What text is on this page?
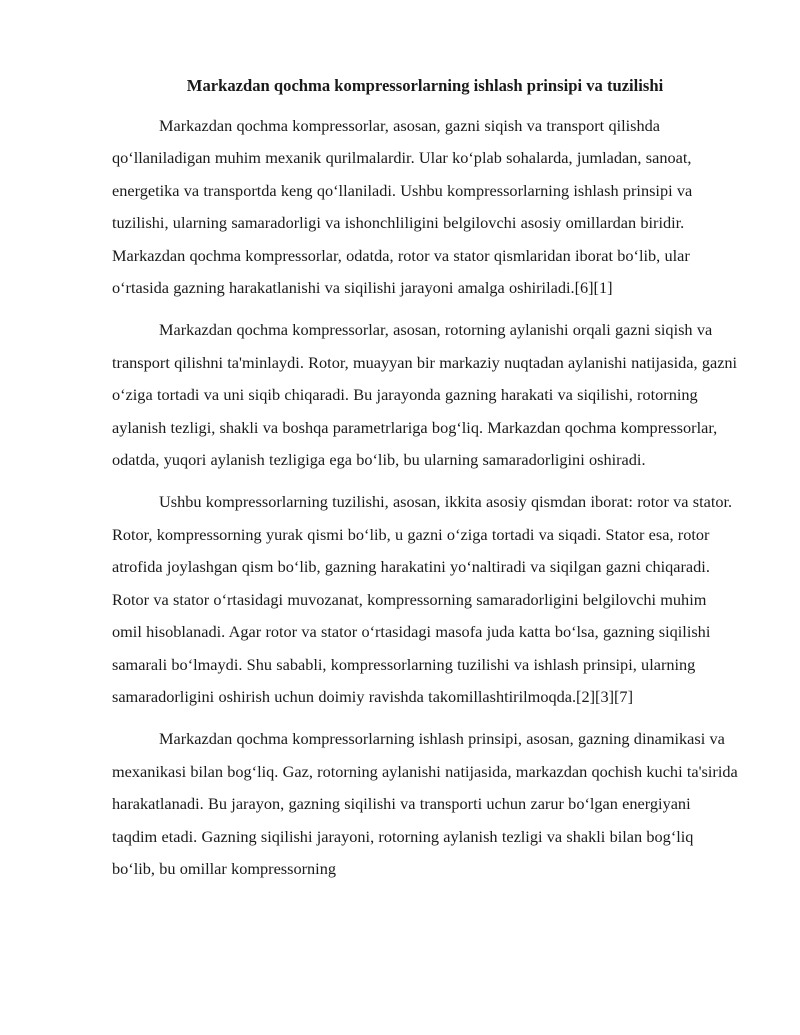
Markazdan qochma kompressorlarning ishlash prinsipi va tuzilishi

Markazdan qochma kompressorlar, asosan, gazni siqish va transport qilishda qo‘llaniladigan muhim mexanik qurilmalardir. Ular ko‘plab sohalarda, jumladan, sanoat, energetika va transportda keng qo‘llaniladi. Ushbu kompressorlarning ishlash prinsipi va tuzilishi, ularning samaradorligi va ishonchliligini belgilovchi asosiy omillardan biridir. Markazdan qochma kompressorlar, odatda, rotor va stator qismlaridan iborat bo‘lib, ular o‘rtasida gazning harakatlanishi va siqilishi jarayoni amalga oshiriladi.[6][1]

Markazdan qochma kompressorlar, asosan, rotorning aylanishi orqali gazni siqish va transport qilishni ta'minlaydi. Rotor, muayyan bir markaziy nuqtadan aylanishi natijasida, gazni o‘ziga tortadi va uni siqib chiqaradi. Bu jarayonda gazning harakati va siqilishi, rotorning aylanish tezligi, shakli va boshqa parametrlariga bog‘liq. Markazdan qochma kompressorlar, odatda, yuqori aylanish tezligiga ega bo‘lib, bu ularning samaradorligini oshiradi.

Ushbu kompressorlarning tuzilishi, asosan, ikkita asosiy qismdan iborat: rotor va stator. Rotor, kompressorning yurak qismi bo‘lib, u gazni o‘ziga tortadi va siqadi. Stator esa, rotor atrofida joylashgan qism bo‘lib, gazning harakatini yo‘naltiradi va siqilgan gazni chiqaradi. Rotor va stator o‘rtasidagi muvozanat, kompressorning samaradorligini belgilovchi muhim omil hisoblanadi. Agar rotor va stator o‘rtasidagi masofa juda katta bo‘lsa, gazning siqilishi samarali bo‘lmaydi. Shu sababli, kompressorlarning tuzilishi va ishlash prinsipi, ularning samaradorligini oshirish uchun doimiy ravishda takomillashtirilmoqda.[2][3][7]

Markazdan qochma kompressorlarning ishlash prinsipi, asosan, gazning dinamikasi va mexanikasi bilan bog‘liq. Gaz, rotorning aylanishi natijasida, markazdan qochish kuchi ta'sirida harakatlanadi. Bu jarayon, gazning siqilishi va transporti uchun zarur bo‘lgan energiyani taqdim etadi. Gazning siqilishi jarayoni, rotorning aylanish tezligi va shakli bilan bog‘liq bo‘lib, bu omillar kompressorning
